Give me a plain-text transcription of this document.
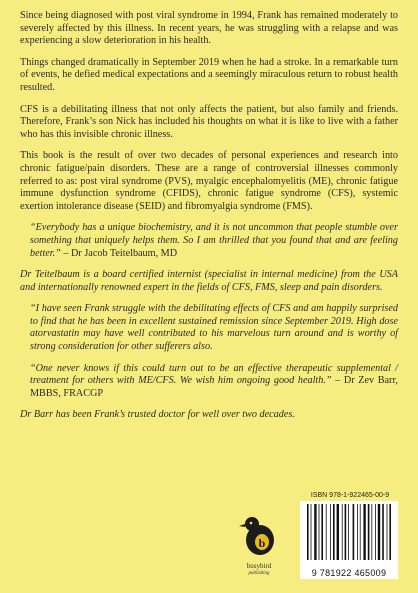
Since being diagnosed with post viral syndrome in 1994, Frank has remained moderately to severely affected by this illness. In recent years, he was struggling with a relapse and was experiencing a slow deterioration in his health.

Things changed dramatically in September 2019 when he had a stroke. In a remarkable turn of events, he defied medical expectations and a seemingly miraculous return to robust health resulted.

CFS is a debilitating illness that not only affects the patient, but also family and friends. Therefore, Frank’s son Nick has included his thoughts on what it is like to live with a father who has this invisible chronic illness.

This book is the result of over two decades of personal experiences and research into chronic fatigue/pain disorders. These are a range of controversial illnesses commonly referred to as: post viral syndrome (PVS), myalgic encephalomyelitis (ME), chronic fatigue immune dysfunction syndrome (CFIDS), chronic fatigue syndrome (CFS), systemic exertion intolerance disease (SEID) and fibromyalgia syndrome (FMS).

“Everybody has a unique biochemistry, and it is not uncommon that people stumble over something that uniquely helps them. So I am thrilled that you found that and are feeling better.” – Dr Jacob Teitelbaum, MD

Dr Teitelbaum is a board certified internist (specialist in internal medicine) from the USA and internationally renowned expert in the fields of CFS, FMS, sleep and pain disorders.

“I have seen Frank struggle with the debilitating effects of CFS and am happily surprised to find that he has been in excellent sustained remission since September 2019. High dose atorvastatin may have well contributed to his marvelous turn around and is worthy of strong consideration for other sufferers also.

“One never knows if this could turn out to be an effective therapeutic supplemental / treatment for others with ME/CFS. We wish him ongoing good health.” – Dr Zev Barr, MBBS, FRACGP

Dr Barr has been Frank’s trusted doctor for well over two decades.

b
busybird
publishing
ISBN 978-1-922465-00-9
9 781922 465009
